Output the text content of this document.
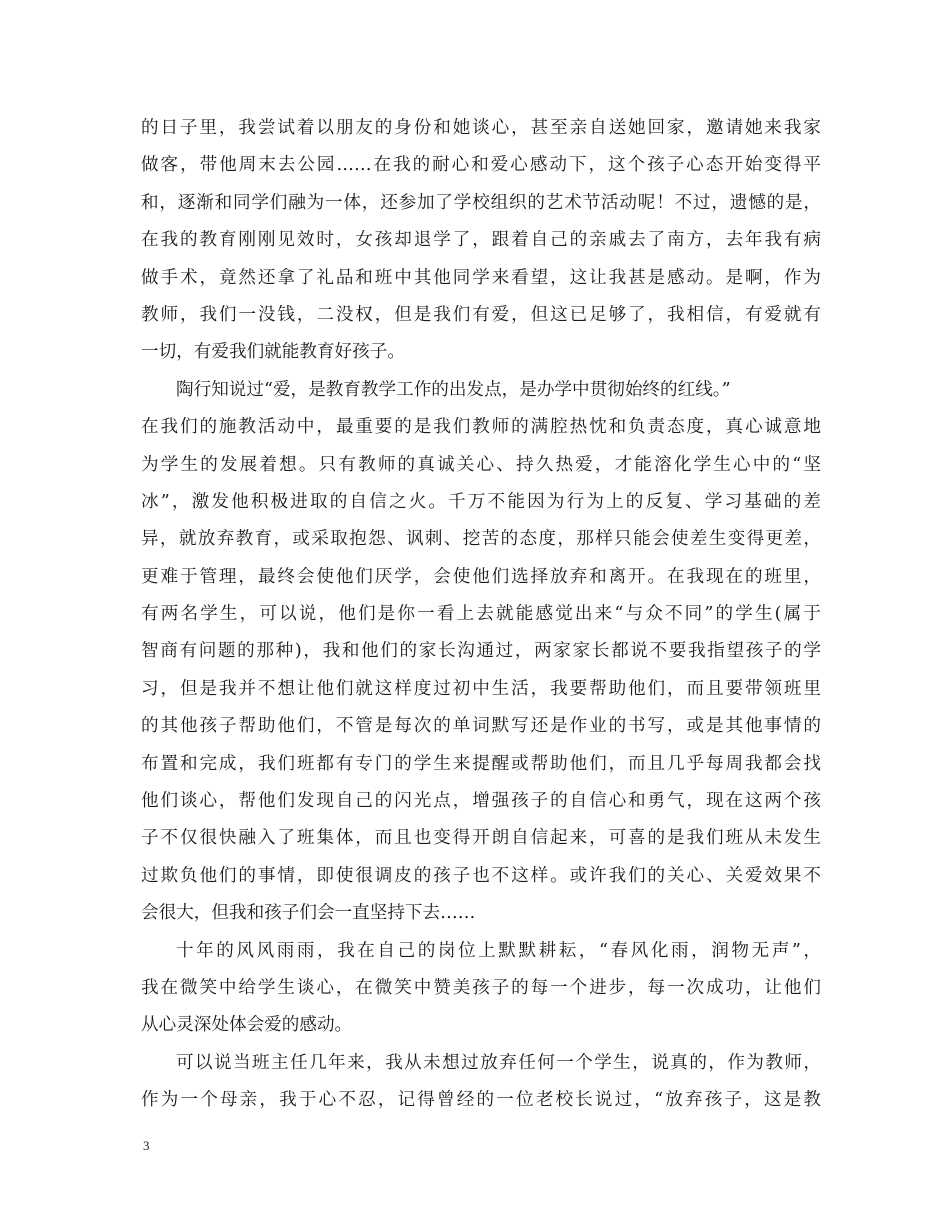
的日子里，我尝试着以朋友的身份和她谈心，甚至亲自送她回家，邀请她来我家
做客，带他周末去公园……在我的耐心和爱心感动下，这个孩子心态开始变得平
和，逐渐和同学们融为一体，还参加了学校组织的艺术节活动呢！不过，遗憾的是，
在我的教育刚刚见效时，女孩却退学了，跟着自己的亲戚去了南方，去年我有病
做手术，竟然还拿了礼品和班中其他同学来看望，这让我甚是感动。是啊，作为
教师，我们一没钱，二没权，但是我们有爱，但这已足够了，我相信，有爱就有
一切，有爱我们就能教育好孩子。
陶行知说过“爱，是教育教学工作的出发点，是办学中贯彻始终的红线。”
在我们的施教活动中，最重要的是我们教师的满腔热忱和负责态度，真心诚意地
为学生的发展着想。只有教师的真诚关心、持久热爱，才能溶化学生心中的“坚
冰”，激发他积极进取的自信之火。千万不能因为行为上的反复、学习基础的差
异，就放弃教育，或采取抱怨、讽刺、挖苦的态度，那样只能会使差生变得更差，
更难于管理，最终会使他们厌学，会使他们选择放弃和离开。在我现在的班里，
有两名学生，可以说，他们是你一看上去就能感觉出来“与众不同”的学生(属于
智商有问题的那种)，我和他们的家长沟通过，两家家长都说不要我指望孩子的学
习，但是我并不想让他们就这样度过初中生活，我要帮助他们，而且要带领班里
的其他孩子帮助他们，不管是每次的单词默写还是作业的书写，或是其他事情的
布置和完成，我们班都有专门的学生来提醒或帮助他们，而且几乎每周我都会找
他们谈心，帮他们发现自己的闪光点，增强孩子的自信心和勇气，现在这两个孩
子不仅很快融入了班集体，而且也变得开朗自信起来，可喜的是我们班从未发生
过欺负他们的事情，即使很调皮的孩子也不这样。或许我们的关心、关爱效果不
会很大，但我和孩子们会一直坚持下去……
十年的风风雨雨，我在自己的岗位上默默耕耘，“春风化雨，润物无声”，
我在微笑中给学生谈心，在微笑中赞美孩子的每一个进步，每一次成功，让他们
从心灵深处体会爱的感动。
可以说当班主任几年来，我从未想过放弃任何一个学生，说真的，作为教师，
作为一个母亲，我于心不忍，记得曾经的一位老校长说过，“放弃孩子，这是教
3
